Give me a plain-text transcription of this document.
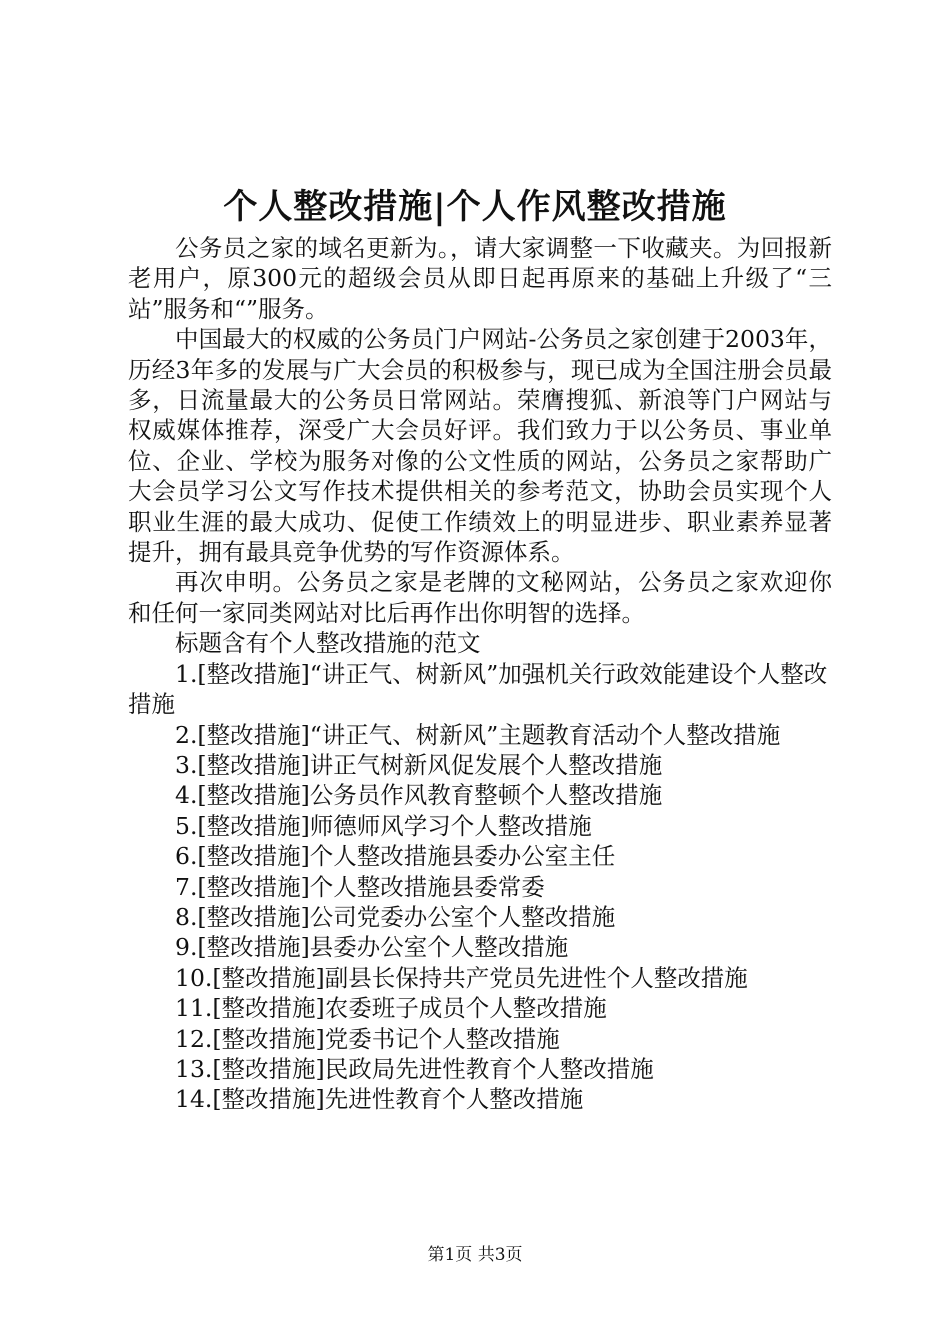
个人整改措施|个人作风整改措施

公务员之家的域名更新为。，请大家调整一下收藏夹。为回报新老用户，原300元的超级会员从即日起再原来的基础上升级了“三站”服务和“”服务。

中国最大的权威的公务员门户网站-公务员之家创建于2003年，历经3年多的发展与广大会员的积极参与，现已成为全国注册会员最多，日流量最大的公务员日常网站。荣膺搜狐、新浪等门户网站与权威媒体推荐，深受广大会员好评。我们致力于以公务员、事业单位、企业、学校为服务对像的公文性质的网站，公务员之家帮助广大会员学习公文写作技术提供相关的参考范文，协助会员实现个人职业生涯的最大成功、促使工作绩效上的明显进步、职业素养显著提升，拥有最具竞争优势的写作资源体系。

再次申明。公务员之家是老牌的文秘网站，公务员之家欢迎你和任何一家同类网站对比后再作出你明智的选择。

标题含有个人整改措施的范文

1.[整改措施]“讲正气、树新风”加强机关行政效能建设个人整改措施
2.[整改措施]“讲正气、树新风”主题教育活动个人整改措施
3.[整改措施]讲正气树新风促发展个人整改措施
4.[整改措施]公务员作风教育整顿个人整改措施
5.[整改措施]师德师风学习个人整改措施
6.[整改措施]个人整改措施县委办公室主任
7.[整改措施]个人整改措施县委常委
8.[整改措施]公司党委办公室个人整改措施
9.[整改措施]县委办公室个人整改措施
10.[整改措施]副县长保持共产党员先进性个人整改措施
11.[整改措施]农委班子成员个人整改措施
12.[整改措施]党委书记个人整改措施
13.[整改措施]民政局先进性教育个人整改措施
14.[整改措施]先进性教育个人整改措施
第1页 共3页
